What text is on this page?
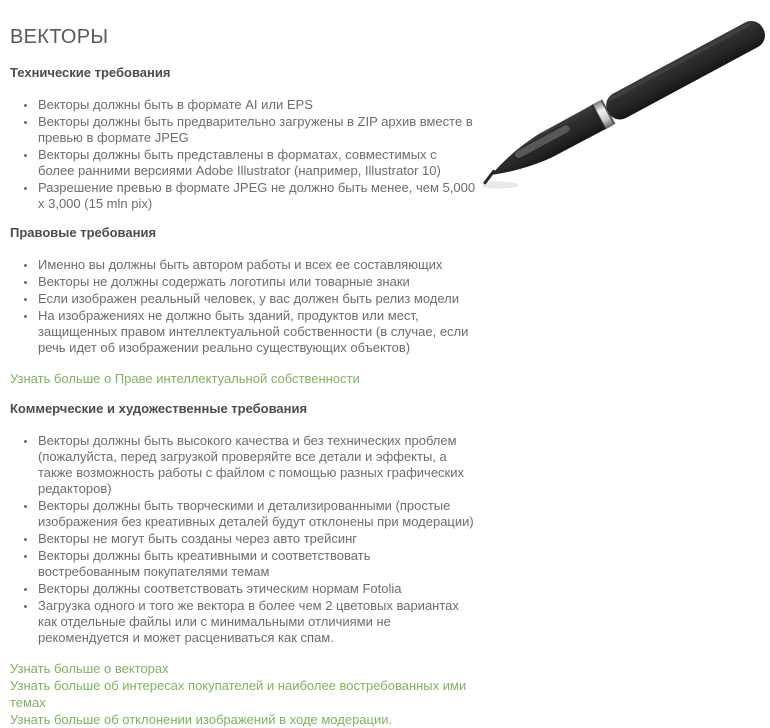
ВЕКТОРЫ
Технические требования
• Векторы должны быть в формате AI или EPS
• Векторы должны быть предварительно загружены в ZIP архив вместе в превью в формате JPEG
• Векторы должны быть представлены в форматах, совместимых с более ранними версиями Adobe Illustrator (например, Illustrator 10)
• Разрешение превью в формате JPEG не должно быть менее, чем 5,000 x 3,000 (15 mln pix)
Правовые требования
• Именно вы должны быть автором работы и всех ее составляющих
• Векторы не должны содержать логотипы или товарные знаки
• Если изображен реальный человек, у вас должен быть релиз модели
• На изображениях не должно быть зданий, продуктов или мест, защищенных правом интеллектуальной собственности (в случае, если речь идет об изображении реально существующих объектов)
Узнать больше о Праве интеллектуальной собственности
Коммерческие и художественные требования
• Векторы должны быть высокого качества и без технических проблем (пожалуйста, перед загрузкой проверяйте все детали и эффекты, а также возможность работы с файлом с помощью разных графических редакторов)
• Векторы должны быть творческими и детализированными (простые изображения без креативных деталей будут отклонены при модерации)
• Векторы не могут быть созданы через авто трейсинг
• Векторы должны быть креативными и соответствовать востребованным покупателями темам
• Векторы должны соответствовать этическим нормам Fotolia
• Загрузка одного и того же вектора в более чем 2 цветовых вариантах как отдельные файлы или с минимальными отличиями не рекомендуется и может расцениваться как спам.
Узнать больше о векторах
Узнать больше об интересах покупателей и наиболее востребованных ими темах
Узнать больше об отклонении изображений в ходе модерации.
